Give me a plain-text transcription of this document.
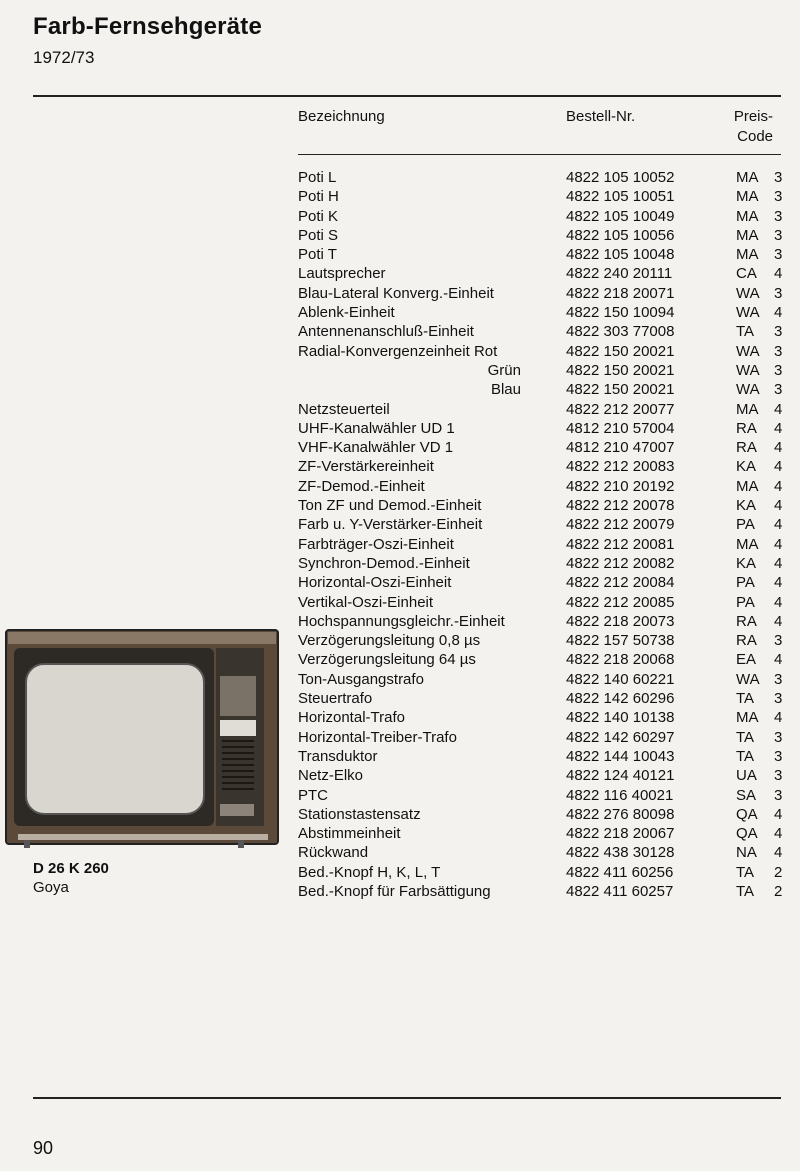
Farb-Fernsehgeräte
1972/73
Bezeichnung	Bestell-Nr.	Preis-
Code
Poti L	4822 105 10052	MA 3
Poti H	4822 105 10051	MA 3
Poti K	4822 105 10049	MA 3
Poti S	4822 105 10056	MA 3
Poti T	4822 105 10048	MA 3
Lautsprecher	4822 240 20111	CA 4
Blau-Lateral Konverg.-Einheit	4822 218 20071	WA 3
Ablenk-Einheit	4822 150 10094	WA 4
Antennenanschluß-Einheit	4822 303 77008	TA 3
Radial-Konvergenzeinheit Rot	4822 150 20021	WA 3
Grün	4822 150 20021	WA 3
Blau	4822 150 20021	WA 3
Netzsteuerteil	4822 212 20077	MA 4
UHF-Kanalwähler UD 1	4812 210 57004	RA 4
VHF-Kanalwähler VD 1	4812 210 47007	RA 4
ZF-Verstärkereinheit	4822 212 20083	KA 4
ZF-Demod.-Einheit	4822 210 20192	MA 4
Ton ZF und Demod.-Einheit	4822 212 20078	KA 4
Farb u. Y-Verstärker-Einheit	4822 212 20079	PA 4
Farbträger-Oszi-Einheit	4822 212 20081	MA 4
Synchron-Demod.-Einheit	4822 212 20082	KA 4
Horizontal-Oszi-Einheit	4822 212 20084	PA 4
Vertikal-Oszi-Einheit	4822 212 20085	PA 4
Hochspannungsgleichr.-Einheit	4822 218 20073	RA 4
Verzögerungsleitung 0,8 µs	4822 157 50738	RA 3
Verzögerungsleitung 64 µs	4822 218 20068	EA 4
Ton-Ausgangstrafo	4822 140 60221	WA 3
Steuertrafo	4822 142 60296	TA 3
Horizontal-Trafo	4822 140 10138	MA 4
Horizontal-Treiber-Trafo	4822 142 60297	TA 3
Transduktor	4822 144 10043	TA 3
Netz-Elko	4822 124 40121	UA 3
PTC	4822 116 40021	SA 3
Stationstastensatz	4822 276 80098	QA 4
Abstimmeinheit	4822 218 20067	QA 4
Rückwand	4822 438 30128	NA 4
Bed.-Knopf H, K, L, T	4822 411 60256	TA 2
Bed.-Knopf für Farbsättigung	4822 411 60257	TA 2
D 26 K 260
Goya
90
